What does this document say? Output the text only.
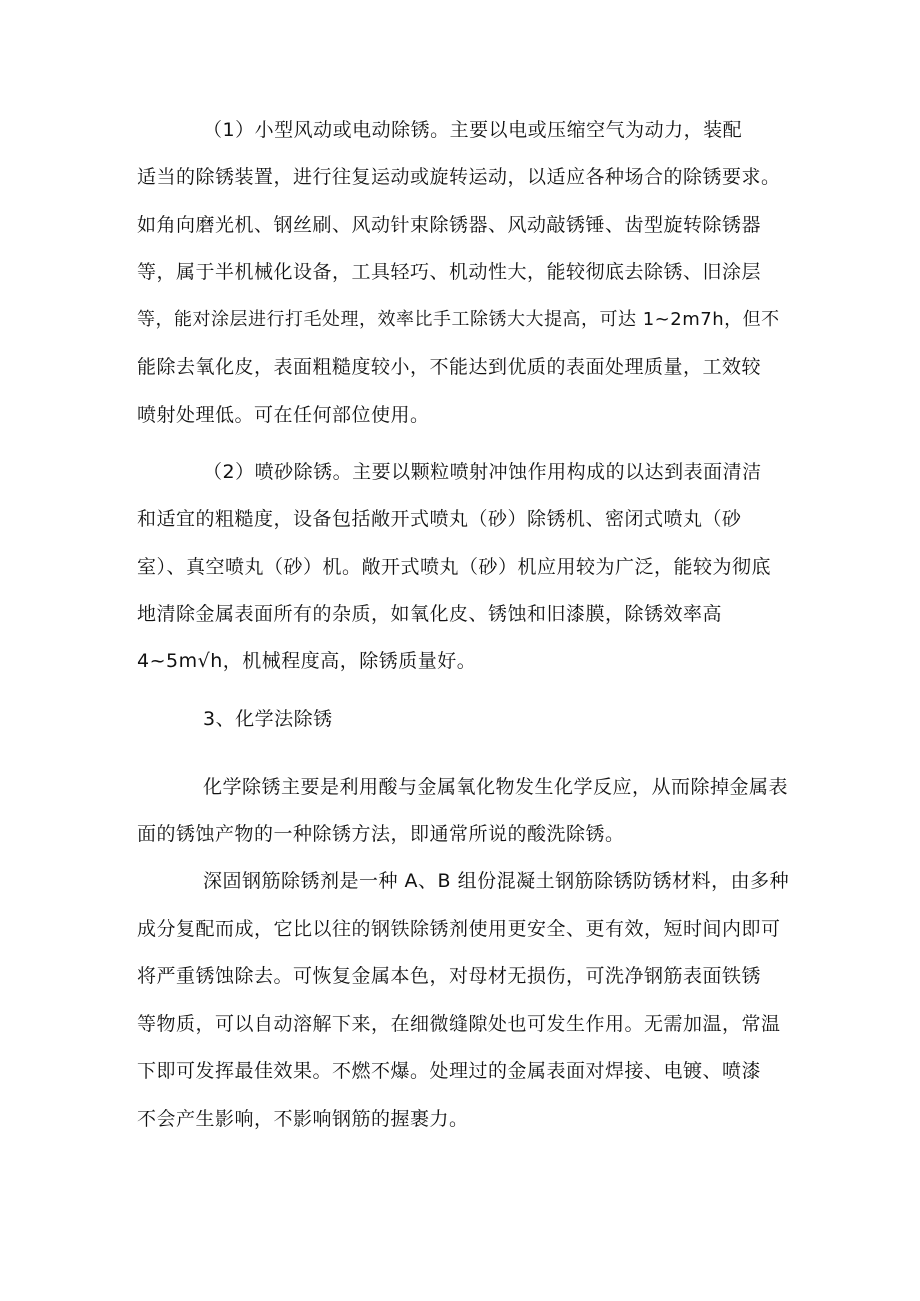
（1）小型风动或电动除锈。主要以电或压缩空气为动力，装配

适当的除锈装置，进行往复运动或旋转运动，以适应各种场合的除锈要求。

如角向磨光机、钢丝刷、风动针束除锈器、风动敲锈锤、齿型旋转除锈器

等，属于半机械化设备，工具轻巧、机动性大，能较彻底去除锈、旧涂层

等，能对涂层进行打毛处理，效率比手工除锈大大提高，可达 1~2m7h，但不

能除去氧化皮，表面粗糙度较小，不能达到优质的表面处理质量，工效较

喷射处理低。可在任何部位使用。

（2）喷砂除锈。主要以颗粒喷射冲蚀作用构成的以达到表面清洁

和适宜的粗糙度，设备包括敞开式喷丸（砂）除锈机、密闭式喷丸（砂

室）、真空喷丸（砂）机。敞开式喷丸（砂）机应用较为广泛，能较为彻底

地清除金属表面所有的杂质，如氧化皮、锈蚀和旧漆膜，除锈效率高

4~5m√h，机械程度高，除锈质量好。

3、化学法除锈

化学除锈主要是利用酸与金属氧化物发生化学反应，从而除掉金属表

面的锈蚀产物的一种除锈方法，即通常所说的酸洗除锈。

深固钢筋除锈剂是一种 A、B 组份混凝土钢筋除锈防锈材料，由多种

成分复配而成，它比以往的钢铁除锈剂使用更安全、更有效，短时间内即可

将严重锈蚀除去。可恢复金属本色，对母材无损伤，可洗净钢筋表面铁锈

等物质，可以自动溶解下来，在细微缝隙处也可发生作用。无需加温，常温

下即可发挥最佳效果。不燃不爆。处理过的金属表面对焊接、电镀、喷漆

不会产生影响，不影响钢筋的握裹力。
